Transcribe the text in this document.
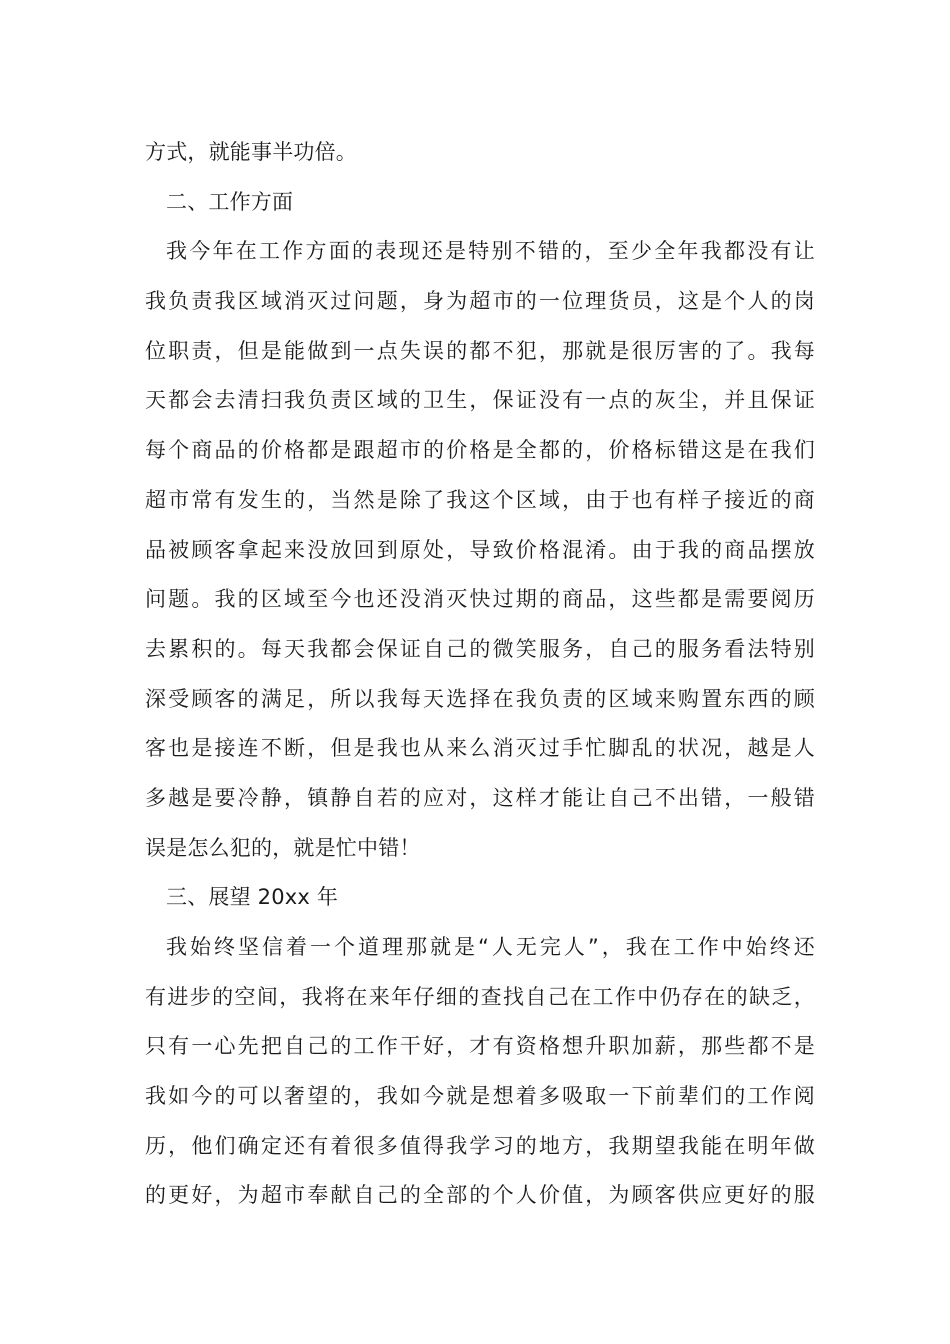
方式，就能事半功倍。
二、工作方面
我今年在工作方面的表现还是特别不错的，至少全年我都没有让
我负责我区域消灭过问题，身为超市的一位理货员，这是个人的岗
位职责，但是能做到一点失误的都不犯，那就是很厉害的了。我每
天都会去清扫我负责区域的卫生，保证没有一点的灰尘，并且保证
每个商品的价格都是跟超市的价格是全都的，价格标错这是在我们
超市常有发生的，当然是除了我这个区域，由于也有样子接近的商
品被顾客拿起来没放回到原处，导致价格混淆。由于我的商品摆放
问题。我的区域至今也还没消灭快过期的商品，这些都是需要阅历
去累积的。每天我都会保证自己的微笑服务，自己的服务看法特别
深受顾客的满足，所以我每天选择在我负责的区域来购置东西的顾
客也是接连不断，但是我也从来么消灭过手忙脚乱的状况，越是人
多越是要冷静，镇静自若的应对，这样才能让自己不出错，一般错
误是怎么犯的，就是忙中错！
三、展望 20xx 年
我始终坚信着一个道理那就是“人无完人”，我在工作中始终还
有进步的空间，我将在来年仔细的查找自己在工作中仍存在的缺乏，
只有一心先把自己的工作干好，才有资格想升职加薪，那些都不是
我如今的可以奢望的，我如今就是想着多吸取一下前辈们的工作阅
历，他们确定还有着很多值得我学习的地方，我期望我能在明年做
的更好，为超市奉献自己的全部的个人价值，为顾客供应更好的服
